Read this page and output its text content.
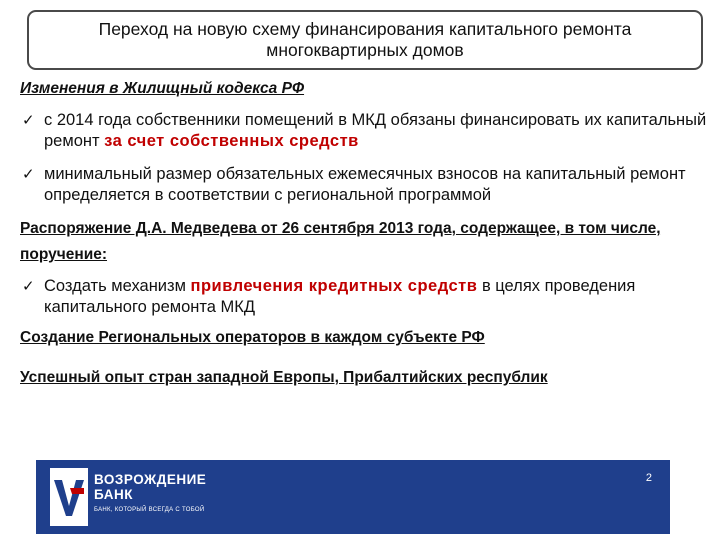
Переход на новую схему финансирования капитального ремонта
многоквартирных домов
Изменения в Жилищный кодекса РФ
✓ с 2014 года собственники помещений в МКД обязаны финансировать их капитальный ремонт за счет собственных средств
✓ минимальный размер обязательных ежемесячных взносов на капитальный ремонт определяется в соответствии с региональной программой
Распоряжение Д.А. Медведева от 26 сентября 2013 года, содержащее, в том числе, поручение:
✓ Создать механизм привлечения кредитных средств в целях проведения капитального ремонта МКД
Создание Региональных операторов в каждом субъекте РФ
Успешный опыт стран западной Европы, Прибалтийских республик
ВОЗРОЖДЕНИЕ
БАНК
БАНК, КОТОРЫЙ ВСЕГДА С ТОБОЙ
2
